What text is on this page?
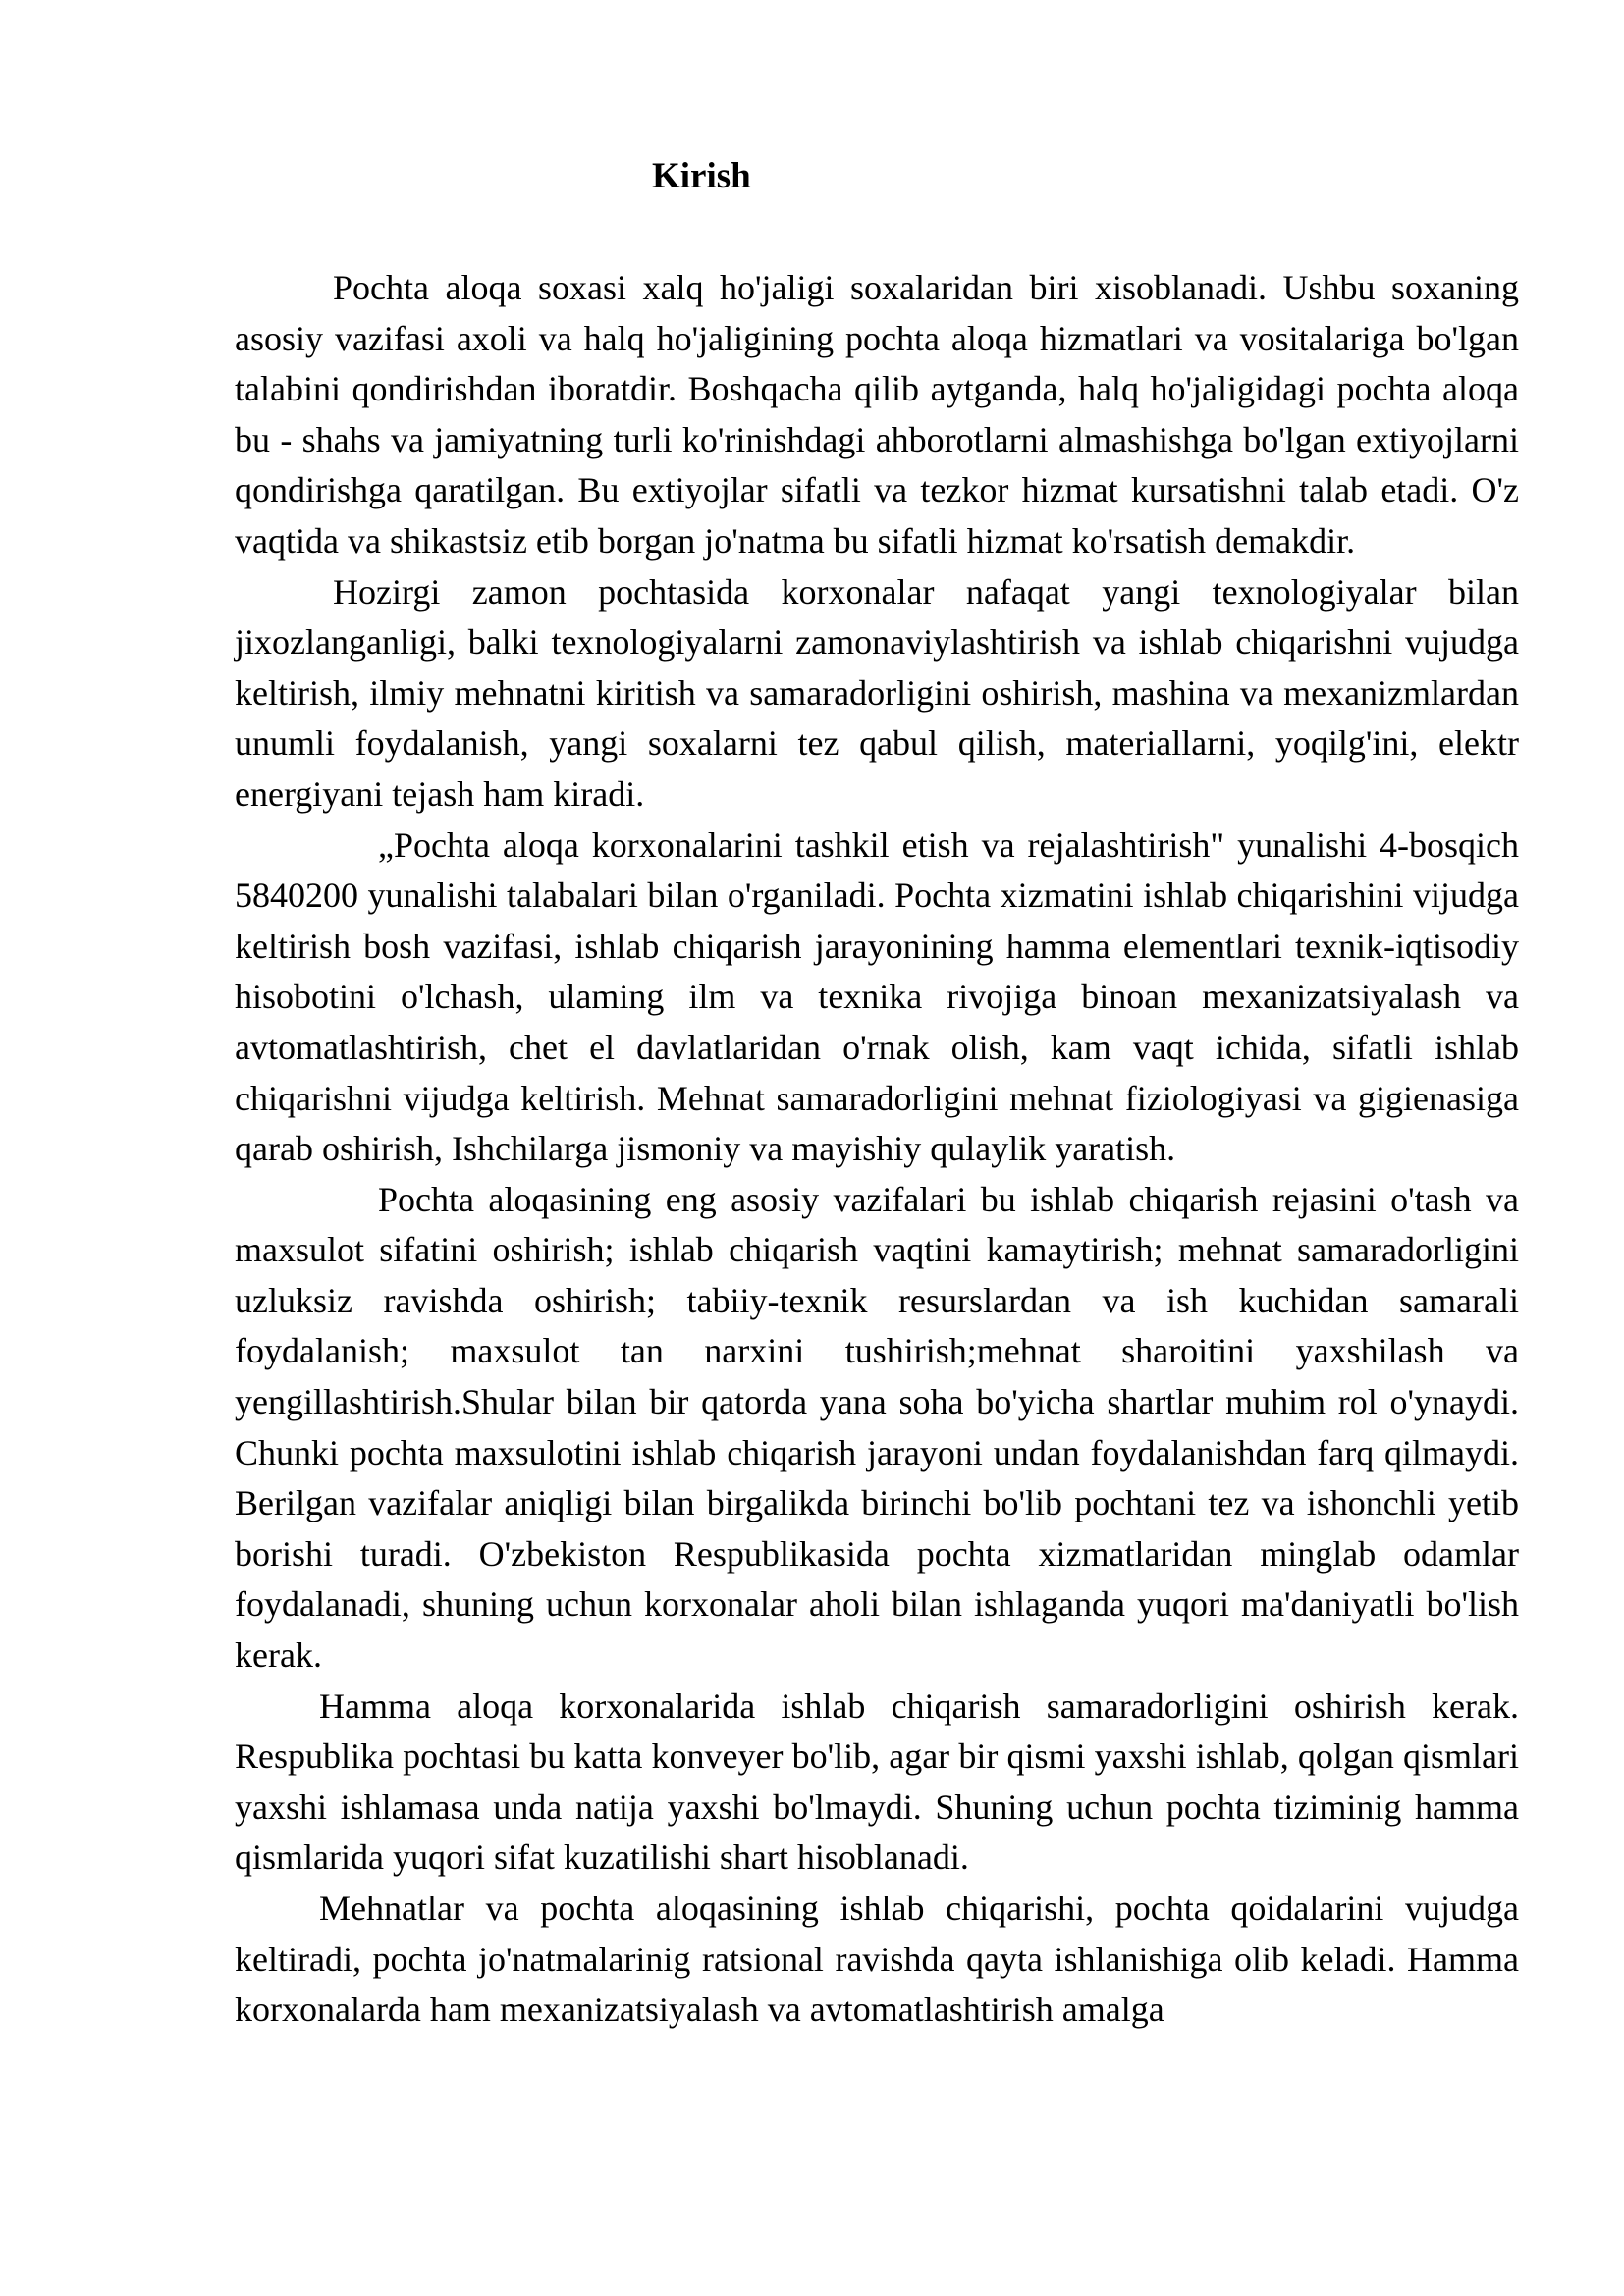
Kirish

Pochta aloqa soxasi xalq ho'jaligi soxalaridan biri xisoblanadi. Ushbu soxaning asosiy vazifasi axoli va halq ho'jaligining pochta aloqa hizmatlari va vositalariga bo'lgan talabini qondirishdan iboratdir. Boshqacha qilib aytganda, halq ho'jaligidagi pochta aloqa bu - shahs va jamiyatning turli ko'rinishdagi ahborotlarni almashishga bo'lgan extiyojlarni qondirishga qaratilgan. Bu extiyojlar sifatli va tezkor hizmat kursatishni talab etadi. O'z vaqtida va shikastsiz etib borgan jo'natma bu sifatli hizmat ko'rsatish demakdir.

Hozirgi zamon pochtasida korxonalar nafaqat yangi texnologiyalar bilan jixozlanganligi, balki texnologiyalarni zamonaviylashtirish va ishlab chiqarishni vujudga keltirish, ilmiy mehnatni kiritish va samaradorligini oshirish, mashina va mexanizmlardan unumli foydalanish, yangi soxalarni tez qabul qilish, materiallarni, yoqilg'ini, elektr energiyani tejash ham kiradi.

„Pochta aloqa korxonalarini tashkil etish va rejalashtirish" yunalishi 4-bosqich 5840200 yunalishi talabalari bilan o'rganiladi. Pochta xizmatini ishlab chiqarishini vijudga keltirish bosh vazifasi, ishlab chiqarish jarayonining hamma elementlari texnik-iqtisodiy hisobotini o'lchash, ulaming ilm va texnika rivojiga binoan mexanizatsiyalash va avtomatlashtirish, chet el davlatlaridan o'rnak olish, kam vaqt ichida, sifatli ishlab chiqarishni vijudga keltirish. Mehnat samaradorligini mehnat fiziologiyasi va gigienasiga qarab oshirish, Ishchilarga jismoniy va mayishiy qulaylik yaratish.

Pochta aloqasining eng asosiy vazifalari bu ishlab chiqarish rejasini o'tash va maxsulot sifatini oshirish; ishlab chiqarish vaqtini kamaytirish; mehnat samaradorligini uzluksiz ravishda oshirish; tabiiy-texnik resurslardan va ish kuchidan samarali foydalanish; maxsulot tan narxini tushirish;mehnat sharoitini yaxshilash va yengillashtirish.Shular bilan bir qatorda yana soha bo'yicha shartlar muhim rol o'ynaydi. Chunki pochta maxsulotini ishlab chiqarish jarayoni undan foydalanishdan farq qilmaydi. Berilgan vazifalar aniqligi bilan birgalikda birinchi bo'lib pochtani tez va ishonchli yetib borishi turadi. O'zbekiston Respublikasida pochta xizmatlaridan minglab odamlar foydalanadi, shuning uchun korxonalar aholi bilan ishlaganda yuqori ma'daniyatli bo'lish kerak.

Hamma aloqa korxonalarida ishlab chiqarish samaradorligini oshirish kerak. Respublika pochtasi bu katta konveyer bo'lib, agar bir qismi yaxshi ishlab, qolgan qismlari yaxshi ishlamasa unda natija yaxshi bo'lmaydi. Shuning uchun pochta tiziminig hamma qismlarida yuqori sifat kuzatilishi shart hisoblanadi.

Mehnatlar va pochta aloqasining ishlab chiqarishi, pochta qoidalarini vujudga keltiradi, pochta jo'natmalarinig ratsional ravishda qayta ishlanishiga olib keladi. Hamma korxonalarda ham mexanizatsiyalash va avtomatlashtirish amalga
